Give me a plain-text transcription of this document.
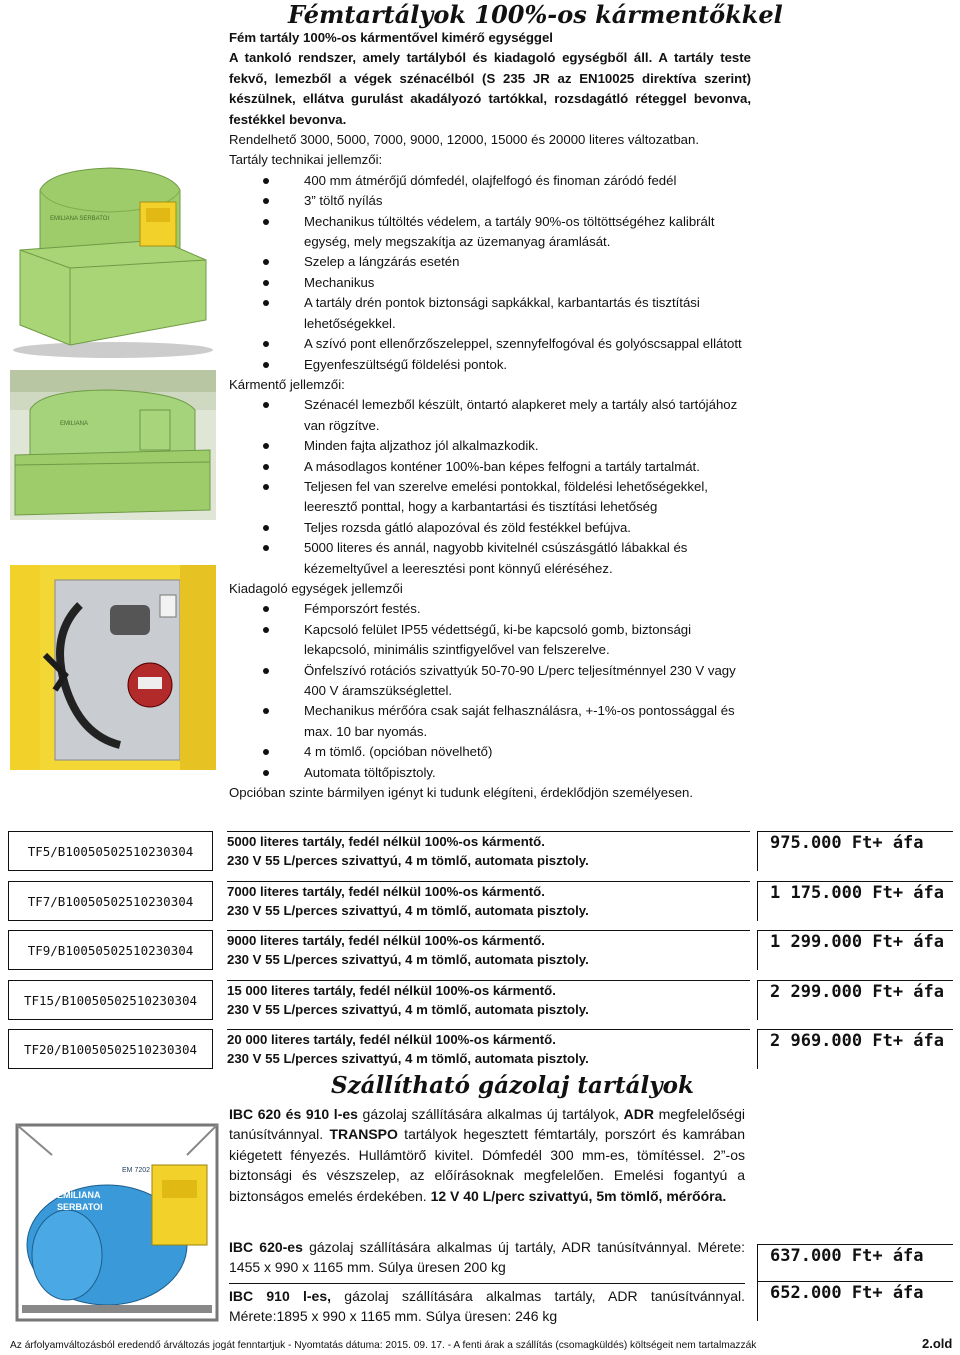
Fémtartályok 100%-os kármentőkkel
EMILIANA SERBATOI
EMILIANA
EMILIANA
SERBATOI
EM 7202
Fém tartály 100%-os kármentővel kimérő egységgel
A tankoló rendszer, amely tartályból és kiadagoló egységből áll. A tartály teste fekvő, lemezből a végek szénacélból (S 235 JR az EN10025 direktíva szerint) készülnek, ellátva gurulást akadályozó tartókkal, rozsdagátló réteggel bevonva, festékkel bevonva.
Rendelhető 3000, 5000, 7000, 9000, 12000, 15000 és 20000 literes változatban.
Tartály technikai jellemzői:
400 mm átmérőjű dómfedél, olajfelfogó és finoman záródó fedél
3” töltő nyílás
Mechanikus túltöltés védelem, a tartály 90%-os töltöttségéhez kalibrált egység, mely megszakítja az üzemanyag áramlását.
Szelep a lángzárás esetén
Mechanikus
A tartály drén pontok biztonsági sapkákkal, karbantartás és tisztítási lehetőségekkel.
A szívó pont ellenőrzőszeleppel, szennyfelfogóval és golyóscsappal ellátott
Egyenfeszültségű földelési pontok.
Kármentő jellemzői:
Szénacél lemezből készült, öntartó alapkeret mely a tartály alsó tartójához van rögzítve.
Minden fajta aljzathoz jól alkalmazkodik.
A másodlagos konténer 100%-ban képes felfogni a tartály tartalmát.
Teljesen fel van szerelve emelési pontokkal, földelési lehetőségekkel, leeresztő ponttal, hogy a karbantartási és tisztítási lehetőség
Teljes rozsda gátló alapozóval és zöld festékkel befújva.
5000 literes és annál, nagyobb kivitelnél csúszásgátló lábakkal és kézemeltyűvel a leeresztési pont könnyű eléréséhez.
Kiadagoló egységek jellemzői
Fémporszórt festés.
Kapcsoló felület IP55 védettségű, ki-be kapcsoló gomb, biztonsági lekapcsoló, minimális szintfigyelővel van felszerelve.
Önfelszívó rotációs szivattyúk 50-70-90 L/perc teljesítménnyel 230 V vagy 400 V áramszükséglettel.
Mechanikus mérőóra csak saját felhasználásra, +-1%-os pontossággal és max. 10 bar nyomás.
4 m tömlő. (opcióban növelhető)
Automata töltőpisztoly.
Opcióban szinte bármilyen igényt ki tudunk elégíteni, érdeklődjön személyesen.
TF5/B10050502510230304
5000 literes tartály, fedél nélkül 100%-os kármentő.
230 V 55 L/perces szivattyú, 4 m tömlő, automata pisztoly.
975.000 Ft+ áfa
TF7/B10050502510230304
7000 literes tartály, fedél nélkül 100%-os kármentő.
230 V 55 L/perces szivattyú, 4 m tömlő, automata pisztoly.
1 175.000 Ft+ áfa
TF9/B10050502510230304
9000 literes tartály, fedél nélkül 100%-os kármentő.
230 V 55 L/perces szivattyú, 4 m tömlő, automata pisztoly.
1 299.000 Ft+ áfa
TF15/B10050502510230304
15 000 literes tartály, fedél nélkül 100%-os kármentő.
230 V 55 L/perces szivattyú, 4 m tömlő, automata pisztoly.
2 299.000 Ft+ áfa
TF20/B10050502510230304
20 000 literes tartály, fedél nélkül 100%-os kármentő.
230 V 55 L/perces szivattyú, 4 m tömlő, automata pisztoly.
2 969.000 Ft+ áfa
Szállítható gázolaj tartályok
IBC 620 és 910 l-es gázolaj szállítására alkalmas új tartályok, ADR megfelelőségi tanúsítvánnyal. TRANSPO tartályok hegesztett fémtartály, porszórt és kamrában kiégetett fényezés. Hullámtörő kivitel. Dómfedél 300 mm-es, tömítéssel. 2”-os biztonsági és vészszelep, az előírásoknak megfelelően. Emelési fogantyú a biztonságos emelés érdekében. 12 V 40 L/perc szivattyú, 5m tömlő, mérőóra.
IBC 620-es gázolaj szállítására alkalmas új tartály, ADR tanúsítvánnyal. Mérete: 1455 x 990 x 1165 mm. Súlya üresen 200 kg
637.000 Ft+ áfa
IBC 910 l-es, gázolaj szállítására alkalmas tartály, ADR tanúsítvánnyal. Mérete:1895 x 990 x 1165 mm. Súlya üresen: 246 kg
652.000 Ft+ áfa
Az árfolyamváltozásból eredendő árváltozás jogát fenntartjuk - Nyomtatás dátuma: 2015. 09. 17. - A fenti árak a szállítás (csomagküldés) költségeit nem tartalmazzák	2.old
